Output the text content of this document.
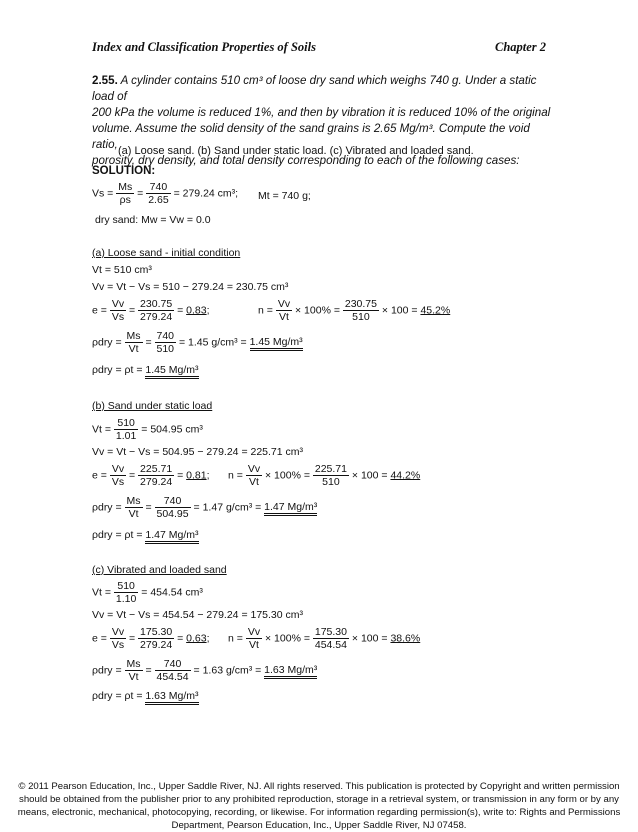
Index and Classification Properties of Soils	Chapter 2
2.55. A cylinder contains 510 cm³ of loose dry sand which weighs 740 g. Under a static load of
200 kPa the volume is reduced 1%, and then by vibration it is reduced 10% of the original
volume. Assume the solid density of the sand grains is 2.65 Mg/m³. Compute the void ratio,
porosity, dry density, and total density corresponding to each of the following cases:
(a) Loose sand. (b) Sand under static load. (c) Vibrated and loaded sand.
SOLUTION:
$Vs = \frac{Ms}{\rho s} = \frac{740}{2.65} = 279.24$ cm³; Mt = 740 g;
dry sand: Mw = Vw = 0.0
(a) Loose sand - initial condition
Vt = 510 cm³
Vv = Vt − Vs = 510 − 279.24 = 230.75 cm³
$e = \frac{Vv}{Vs} = \frac{230.75}{279.24} = 0.83$;	$n = \frac{Vv}{Vt} \times 100\% = \frac{230.75}{510} \times 100 = 45.2\%$
$\rho dry = \frac{Ms}{Vt} = \frac{740}{510} = 1.45$ g/cm³ = 1.45 Mg/m³
ρdry = ρt = 1.45 Mg/m³
(b) Sand under static load
$Vt = \frac{510}{1.01} = 504.95$ cm³
Vv = Vt − Vs = 504.95 − 279.24 = 225.71 cm³
$e = \frac{Vv}{Vs} = \frac{225.71}{279.24} = 0.81$; $n = \frac{Vv}{Vt} \times 100\% = \frac{225.71}{510} \times 100 = 44.2\%$
$\rho dry = \frac{Ms}{Vt} = \frac{740}{504.95} = 1.47$ g/cm³ = 1.47 Mg/m³
ρdry = ρt = 1.47 Mg/m³
(c) Vibrated and loaded sand
$Vt = \frac{510}{1.10} = 454.54$ cm³
Vv = Vt − Vs = 454.54 − 279.24 = 175.30 cm³
$e = \frac{Vv}{Vs} = \frac{175.30}{279.24} = 0.63$; $n = \frac{Vv}{Vt} \times 100\% = \frac{175.30}{454.54} \times 100 = 38.6\%$
$\rho dry = \frac{Ms}{Vt} = \frac{740}{454.54} = 1.63$ g/cm³ = 1.63 Mg/m³
ρdry = ρt = 1.63 Mg/m³
© 2011 Pearson Education, Inc., Upper Saddle River, NJ. All rights reserved. This publication is protected by Copyright and written permission should be obtained from the publisher prior to any prohibited reproduction, storage in a retrieval system, or transmission in any form or by any means, electronic, mechanical, photocopying, recording, or likewise. For information regarding permission(s), write to: Rights and Permissions Department, Pearson Education, Inc., Upper Saddle River, NJ 07458.
